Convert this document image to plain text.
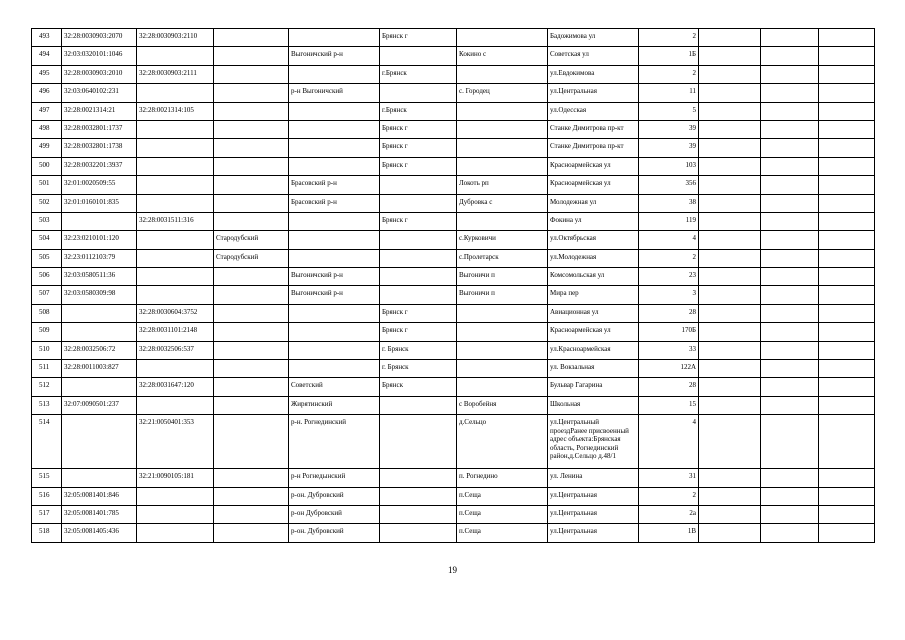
493	32:28:0030903:2070	32:28:0030903:2110			Брянск г		Бадожимова ул	2			
494	32:03:0320101:1046			Выгоничский р-н		Кокино с	Советская ул	1Б			
495	32:28:0030903:2010	32:28:0030903:2111			г.Брянск		ул.Евдокимова	2			
496	32:03:0640102:231			р-н Выгоничский		с. Городец	ул.Центральная	11			
497	32:28:0021314:21	32:28:0021314:105			г.Брянск		ул.Одесская	5			
498	32:28:0032801:1737				Брянск г		Станке Димитрова пр-кт	39			
499	32:28:0032801:1738				Брянск г		Станке Димитрова пр-кт	39			
500	32:28:0032201:3937				Брянск г		Красноармейская ул	103			
501	32:01:0020509:55			Брасовский р-н		Локоть рп	Красноармейская ул	356			
502	32:01:0160101:835			Брасовский р-н		Дубровка с	Молодежная ул	38			
503		32:28:0031511:316			Брянск г		Фокина ул	119			
504	32:23:0210101:120		Стародубский			с.Курковичи	ул.Октябрьская	4			
505	32:23:0112103:79		Стародубский			с.Пролетарск	ул.Молодежная	2			
506	32:03:0580511:36			Выгоничский р-н		Выгоничи п	Комсомольская ул	23			
507	32:03:0580309:98			Выгоничский р-н		Выгоничи п	Мира пер	3			
508		32:28:0030604:3752			Брянск г		Авиационная ул	28			
509		32:28:0031101:2148			Брянск г		Красноармейская ул	170Б			
510	32:28:0032506:72	32:28:0032506:537			г. Брянск		ул.Красноармейская	33			
511	32:28:0011003:827				г. Брянск		ул. Вокзальная	122А			
512		32:28:0031647:120		Советский	Брянск		Бульвар Гагарина	28			
513	32:07:0090501:237			Жирятинский		с Воробейня	Школьная	15			
514		32:21:0050401:353		р-н. Рогнединский		д.Сельцо	ул.Центральный проездРанее присвоенный адрес объекта:Брянская область, Рогнединский район,д.Сельцо д.48/1	4			
515		32:21:0090105:181		р-н Рогнедынский		п. Рогнедино	ул. Ленина	31			
516	32:05:0081401:846			р-он. Дубровский		п.Сеща	ул.Центральная	2			
517	32:05:0081401:785			р-он Дубровский		п.Сеща	ул.Центральная	2а			
518	32:05:0081405:436			р-он. Дубровский		п.Сеща	ул.Центральная	1В			
19
